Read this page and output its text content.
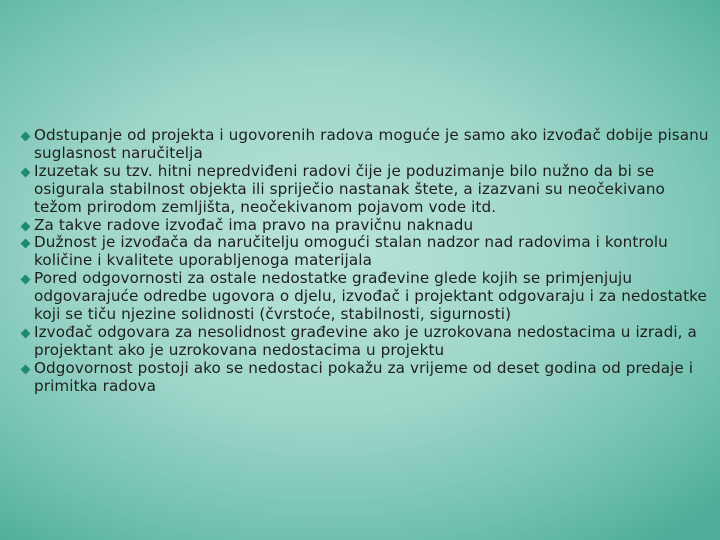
Odstupanje od projekta i ugovorenih radova moguće je samo ako izvođač dobije pisanu suglasnost naručitelja
Izuzetak su tzv. hitni nepredviđeni radovi čije je poduzimanje bilo nužno da bi se osigurala stabilnost objekta ili spriječio nastanak štete, a izazvani su neočekivano težom prirodom zemljišta, neočekivanom pojavom vode itd.
Za takve radove izvođač ima pravo na pravičnu naknadu
Dužnost je izvođača da naručitelju omogući stalan nadzor nad radovima i kontrolu količine i kvalitete uporabljenoga materijala
Pored odgovornosti za ostale nedostatke građevine glede kojih se primjenjuju odgovarajuće odredbe ugovora o djelu, izvođač i projektant odgovaraju i za nedostatke koji se tiču njezine solidnosti (čvrstoće, stabilnosti, sigurnosti)
Izvođač odgovara za nesolidnost građevine ako je uzrokovana nedostacima u izradi, a projektant ako je uzrokovana nedostacima u projektu
Odgovornost postoji ako se nedostaci pokažu za vrijeme od deset godina od predaje i primitka radova
